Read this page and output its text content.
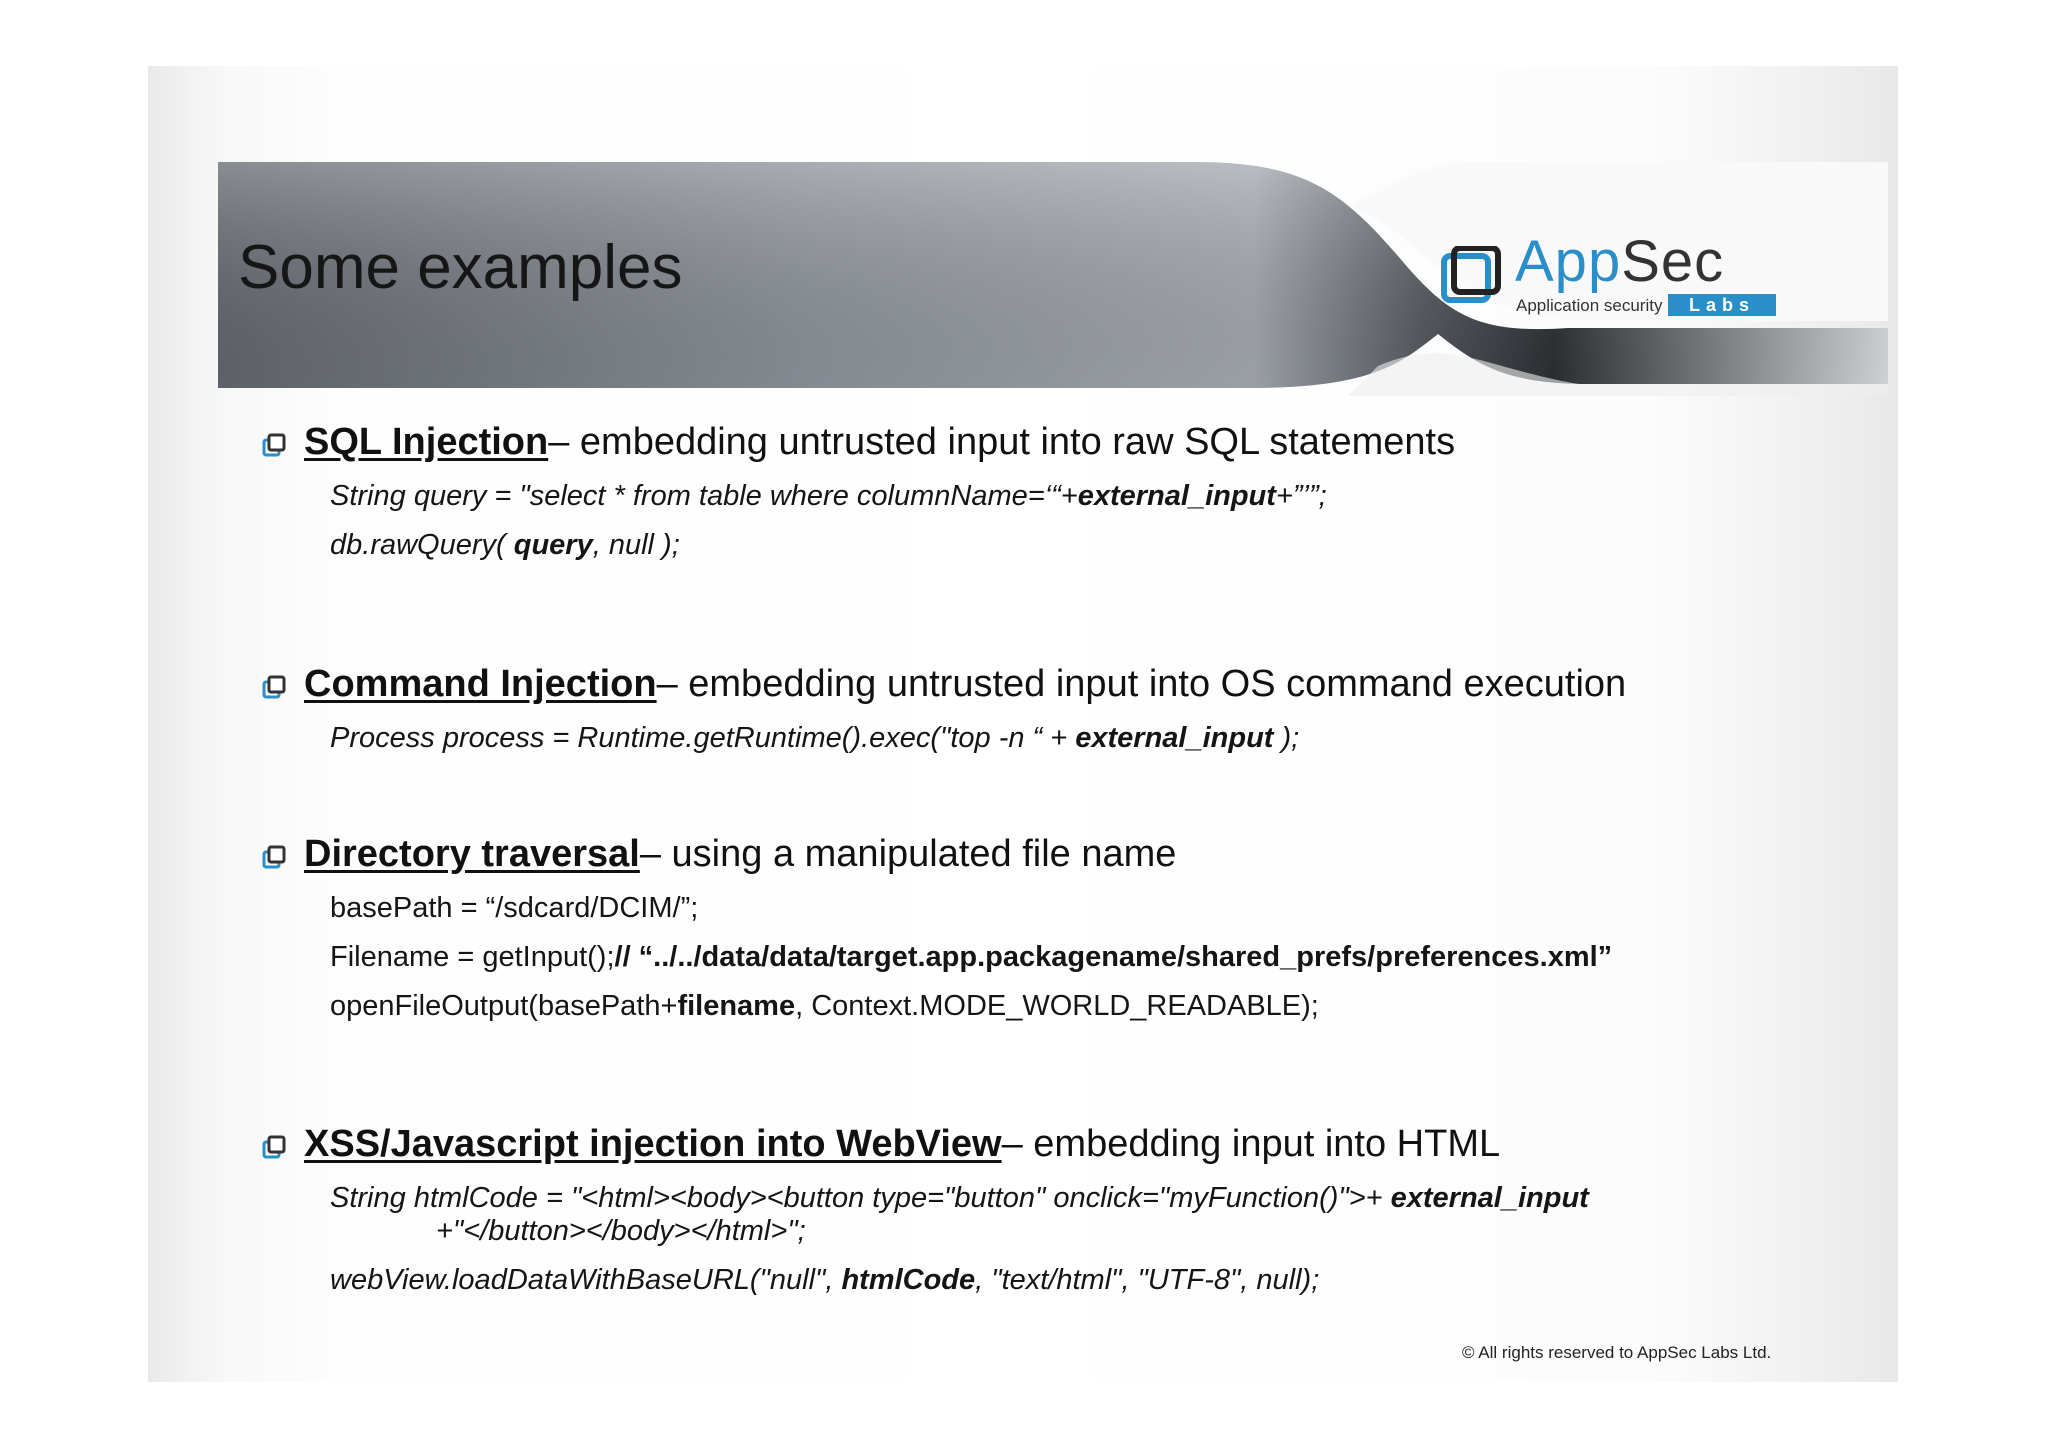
Some examples	AppSec
Application security	Labs
SQL Injection – embedding untrusted input into raw SQL statements
String query = "select * from table where columnName=‘“+external_input+”’”;
db.rawQuery( query, null );
Command Injection – embedding untrusted input into OS command execution
Process process = Runtime.getRuntime().exec("top -n “ + external_input );
Directory traversal – using a manipulated file name
basePath = “/sdcard/DCIM/”;
Filename = getInput();// “../../data/data/target.app.packagename/shared_prefs/preferences.xml”
openFileOutput(basePath+filename, Context.MODE_WORLD_READABLE);
XSS/Javascript injection into WebView – embedding input into HTML
String htmlCode = "<html><body><button type="button" onclick="myFunction()">+ external_input
+"</button></body></html>";
webView.loadDataWithBaseURL("null", htmlCode, "text/html", "UTF-8", null);
© All rights reserved to AppSec Labs Ltd.
